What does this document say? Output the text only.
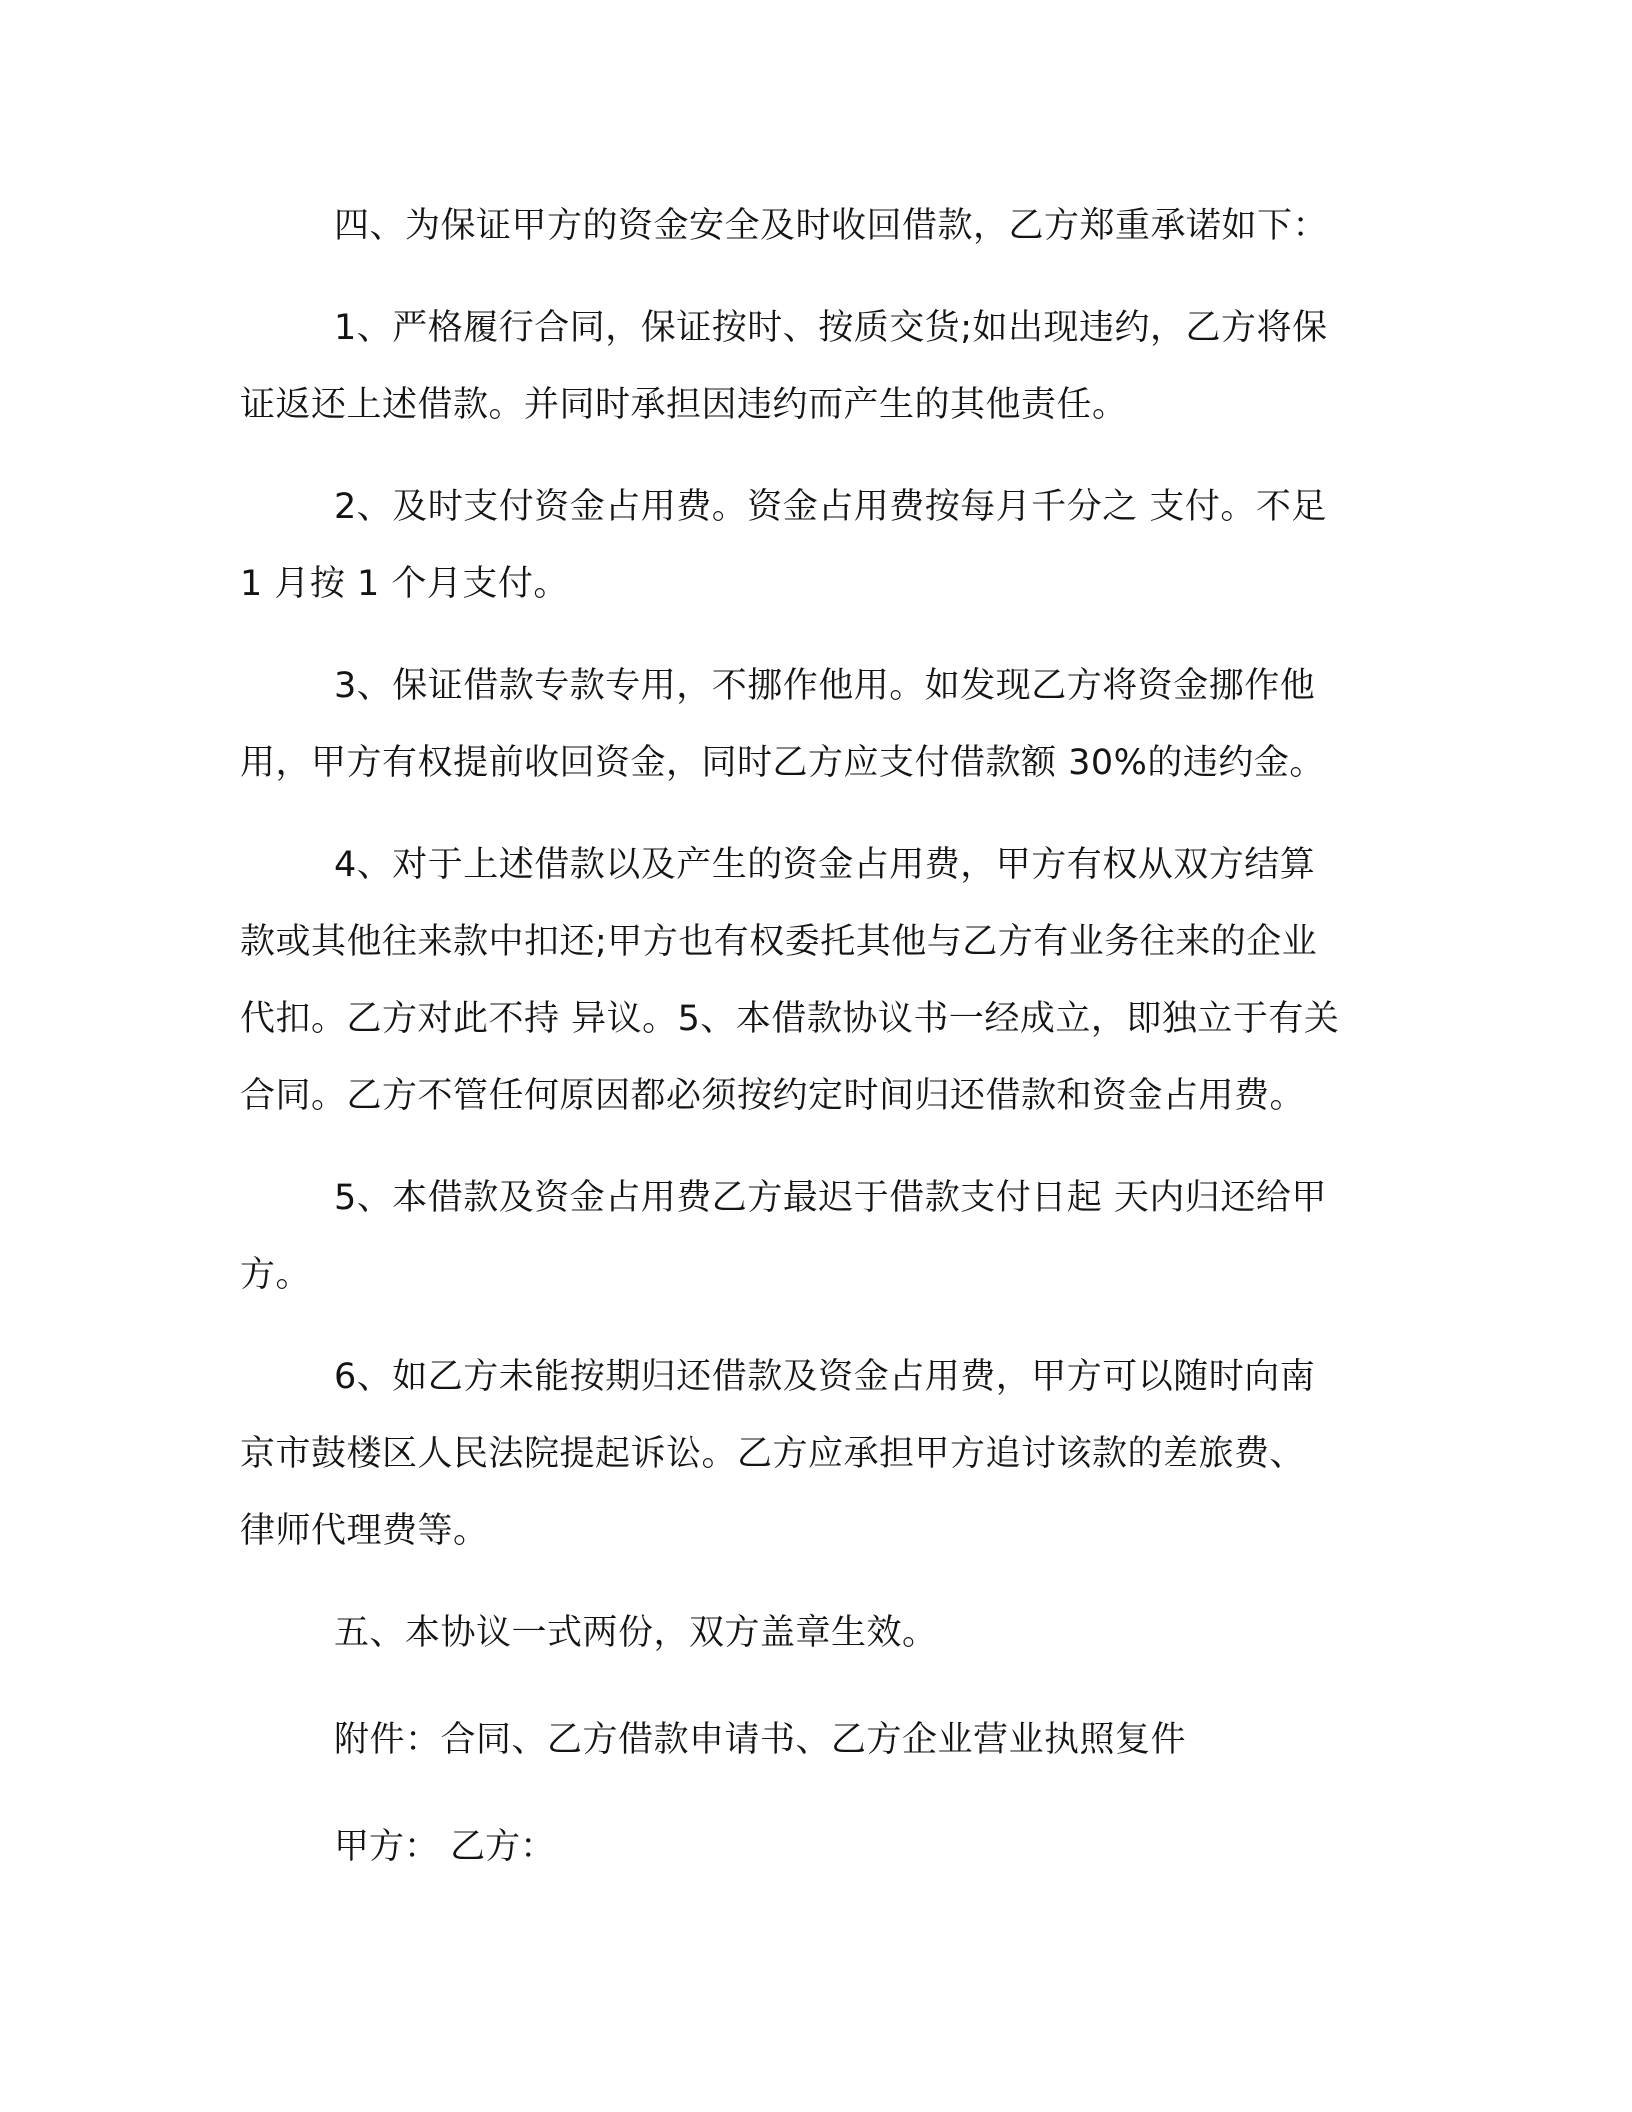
四、为保证甲方的资金安全及时收回借款，乙方郑重承诺如下：

1、严格履行合同，保证按时、按质交货;如出现违约，乙方将保
证返还上述借款。并同时承担因违约而产生的其他责任。

2、及时支付资金占用费。资金占用费按每月千分之 支付。不足
1 月按 1 个月支付。

3、保证借款专款专用，不挪作他用。如发现乙方将资金挪作他
用，甲方有权提前收回资金，同时乙方应支付借款额 30%的违约金。

4、对于上述借款以及产生的资金占用费，甲方有权从双方结算
款或其他往来款中扣还;甲方也有权委托其他与乙方有业务往来的企业
代扣。乙方对此不持 异议。5、本借款协议书一经成立，即独立于有关
合同。乙方不管任何原因都必须按约定时间归还借款和资金占用费。

5、本借款及资金占用费乙方最迟于借款支付日起 天内归还给甲
方。

6、如乙方未能按期归还借款及资金占用费，甲方可以随时向南
京市鼓楼区人民法院提起诉讼。乙方应承担甲方追讨该款的差旅费、
律师代理费等。

五、本协议一式两份，双方盖章生效。

附件：合同、乙方借款申请书、乙方企业营业执照复件

甲方： 乙方：
